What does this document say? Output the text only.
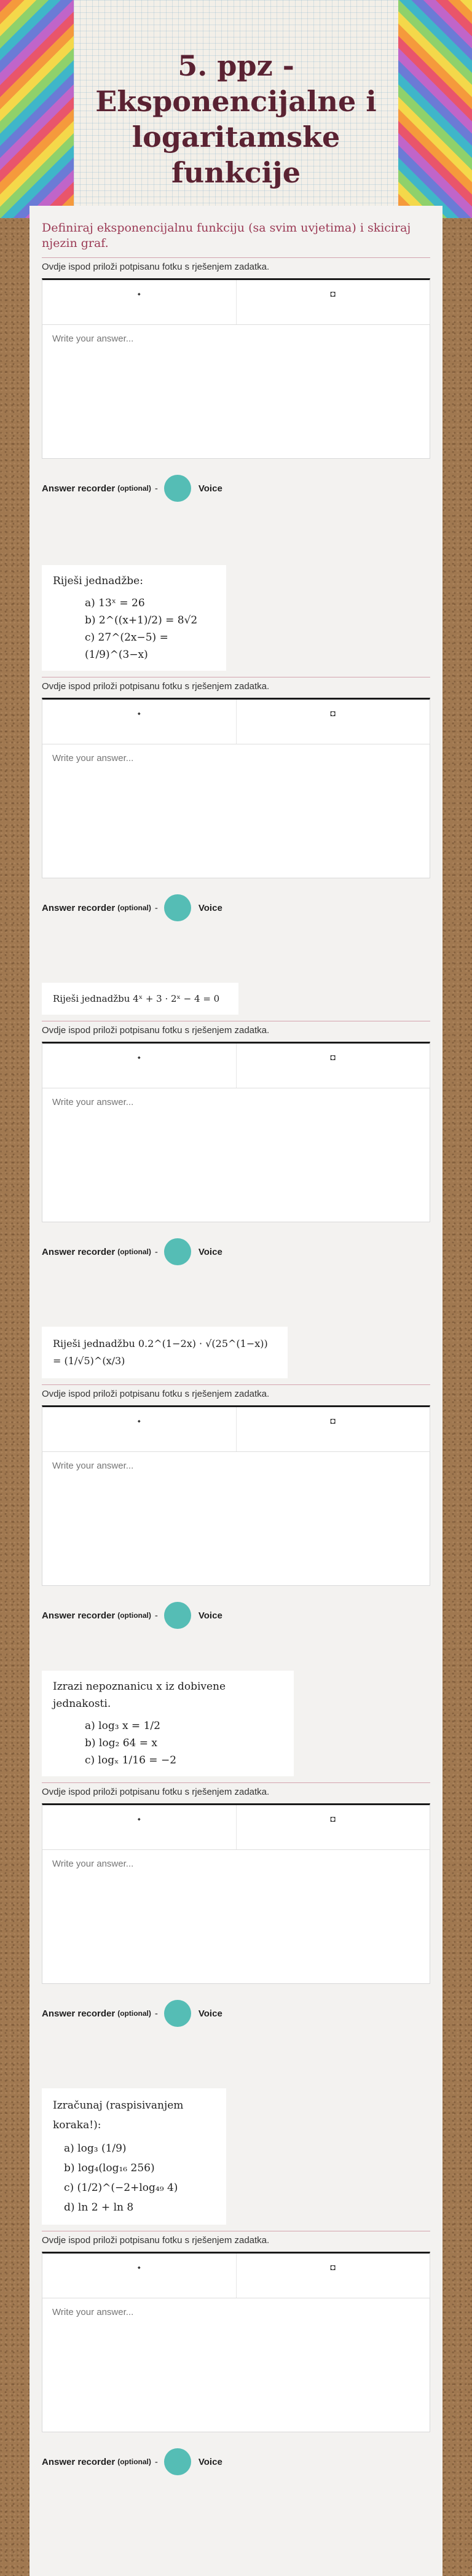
5. ppz - Eksponencijalne i logaritamske funkcije
Definiraj eksponencijalnu funkciju (sa svim uvjetima) i skiciraj njezin graf.
Ovdje ispod priloži potpisanu fotku s rješenjem zadatka.
⬩	◘
Write your answer...
Answer recorder (optional) -	Voice
Riješi jednadžbe:
a) 13ˣ = 26
b) 2^((x+1)/2) = 8√2
c) 27^(2x−5) = (1/9)^(3−x)
Ovdje ispod priloži potpisanu fotku s rješenjem zadatka.
⬩	◘
Write your answer...
Answer recorder (optional) -	Voice
Riješi jednadžbu 4ˣ + 3 · 2ˣ − 4 = 0
Ovdje ispod priloži potpisanu fotku s rješenjem zadatka.
⬩	◘
Write your answer...
Answer recorder (optional) -	Voice
Riješi jednadžbu 0.2^(1−2x) · √(25^(1−x)) = (1/√5)^(x/3)
Ovdje ispod priloži potpisanu fotku s rješenjem zadatka.
⬩	◘
Write your answer...
Answer recorder (optional) -	Voice
Izrazi nepoznanicu x iz dobivene jednakosti.
a) log₃ x = 1/2
b) log₂ 64 = x
c) logₓ 1/16 = −2
Ovdje ispod priloži potpisanu fotku s rješenjem zadatka.
⬩	◘
Write your answer...
Answer recorder (optional) -	Voice
Izračunaj (raspisivanjem koraka!):
a) log₃ (1/9)
b) log₄(log₁₆ 256)
c) (1/2)^(−2+log₄₉ 4)
d) ln 2 + ln 8
Ovdje ispod priloži potpisanu fotku s rješenjem zadatka.
⬩	◘
Write your answer...
Answer recorder (optional) -	Voice
